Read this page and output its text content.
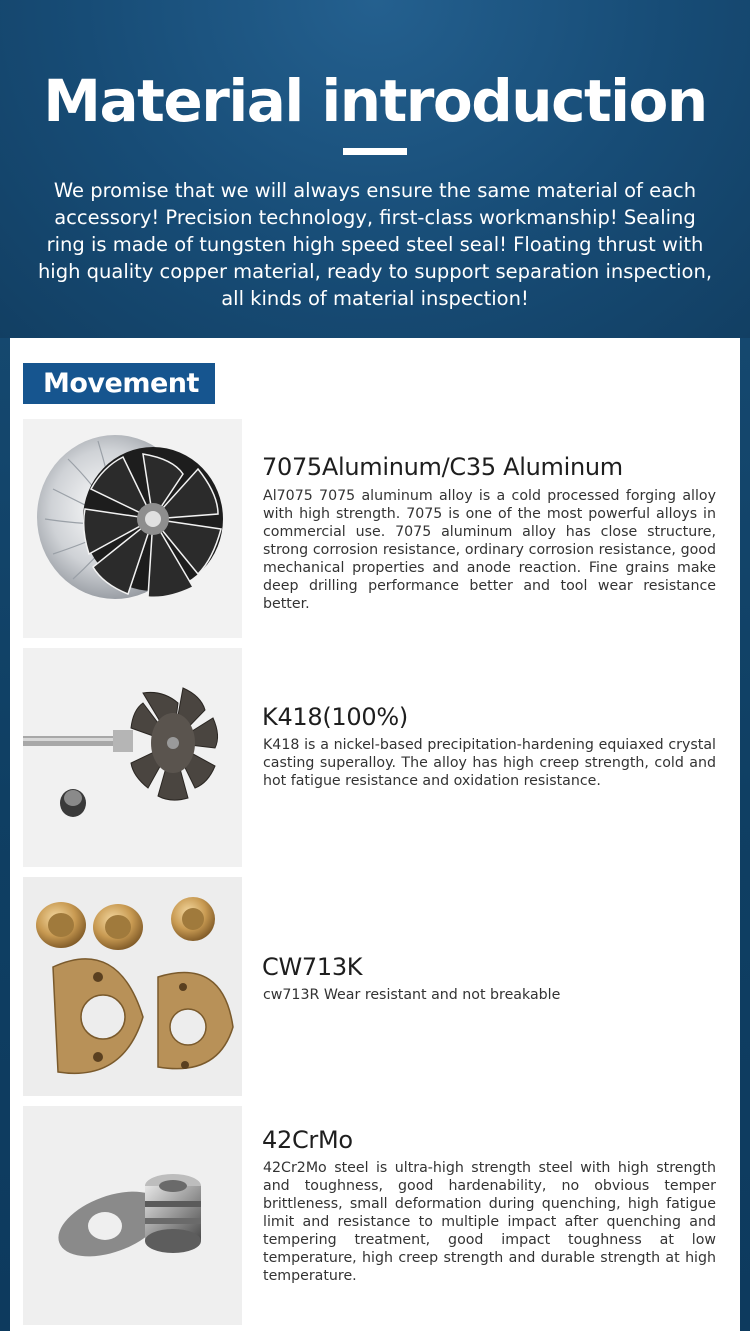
Material introduction
We promise that we will always ensure the same material of each accessory! Precision technology, first-class workmanship! Sealing ring is made of tungsten high speed steel seal! Floating thrust with high quality copper material, ready to support separation inspection, all kinds of material inspection!
Movement
7075Aluminum/C35 Aluminum
Al7075 7075 aluminum alloy is a cold processed forging alloy with high strength. 7075 is one of the most powerful alloys in commercial use. 7075 aluminum alloy has close structure, strong corrosion resistance, ordinary corrosion resistance, good mechanical properties and anode reaction. Fine grains make deep drilling performance better and tool wear resistance better.
K418(100%)
K418 is a nickel-based precipitation-hardening equiaxed crystal casting superalloy. The alloy has high creep strength, cold and hot fatigue resistance and oxidation resistance.
CW713K
cw713R Wear resistant and not breakable
42CrMo
42Cr2Mo steel is ultra-high strength steel with high strength and toughness, good hardenability, no obvious temper brittleness, small deformation during quenching, high fatigue limit and resistance to multiple impact after quenching and tempering treatment, good impact toughness at low temperature, high creep strength and durable strength at high temperature.
